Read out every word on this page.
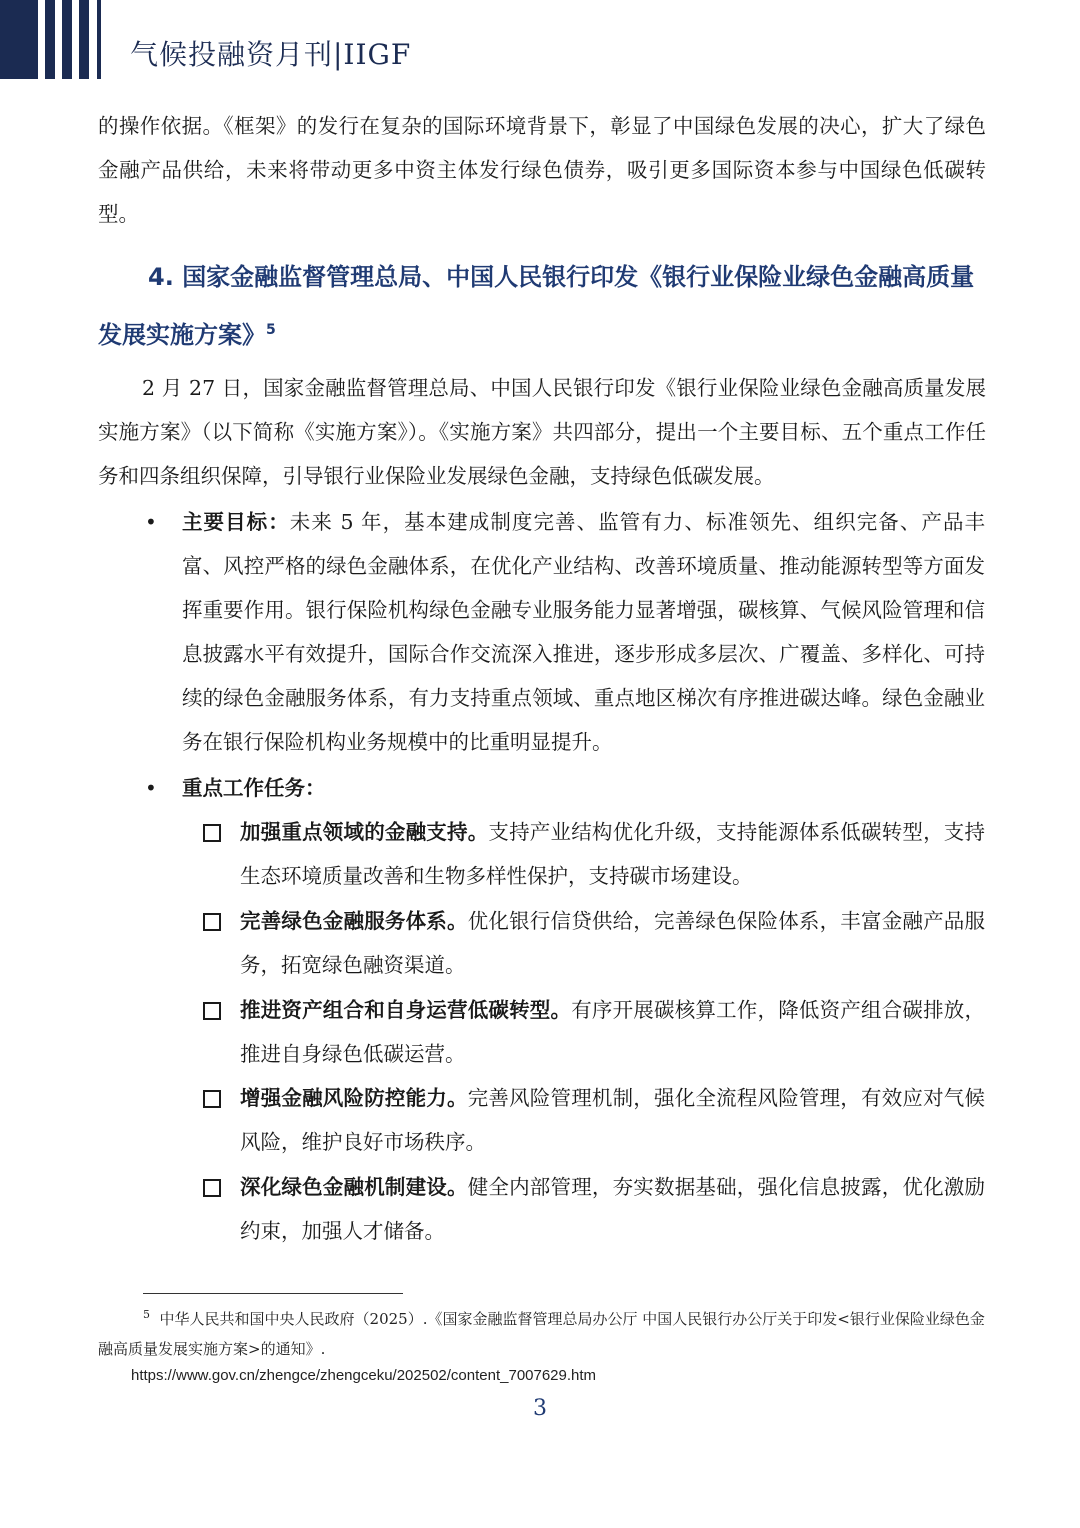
气候投融资月刊|IIGF

的操作依据。《框架》的发行在复杂的国际环境背景下，彰显了中国绿色发展的决心，扩大了绿色金融产品供给，未来将带动更多中资主体发行绿色债券，吸引更多国际资本参与中国绿色低碳转型。

4. 国家金融监督管理总局、中国人民银行印发《银行业保险业绿色金融高质量发展实施方案》$^5$

2 月 27 日，国家金融监督管理总局、中国人民银行印发《银行业保险业绿色金融高质量发展实施方案》（以下简称《实施方案》）。《实施方案》共四部分，提出一个主要目标、五个重点工作任务和四条组织保障，引导银行业保险业发展绿色金融，支持绿色低碳发展。

• 主要目标：未来 5 年，基本建成制度完善、监管有力、标准领先、组织完备、产品丰富、风控严格的绿色金融体系，在优化产业结构、改善环境质量、推动能源转型等方面发挥重要作用。银行保险机构绿色金融专业服务能力显著增强，碳核算、气候风险管理和信息披露水平有效提升，国际合作交流深入推进，逐步形成多层次、广覆盖、多样化、可持续的绿色金融服务体系，有力支持重点领域、重点地区梯次有序推进碳达峰。绿色金融业务在银行保险机构业务规模中的比重明显提升。

• 重点工作任务：

加强重点领域的金融支持。支持产业结构优化升级，支持能源体系低碳转型，支持生态环境质量改善和生物多样性保护，支持碳市场建设。

完善绿色金融服务体系。优化银行信贷供给，完善绿色保险体系，丰富金融产品服务，拓宽绿色融资渠道。

推进资产组合和自身运营低碳转型。有序开展碳核算工作，降低资产组合碳排放，推进自身绿色低碳运营。

增强金融风险防控能力。完善风险管理机制，强化全流程风险管理，有效应对气候风险，维护良好市场秩序。

深化绿色金融机制建设。健全内部管理，夯实数据基础，强化信息披露，优化激励约束，加强人才储备。

$^5$ 中华人民共和国中央人民政府（2025）.《国家金融监督管理总局办公厅 中国人民银行办公厅关于印发<银行业保险业绿色金融高质量发展实施方案>的通知》.

https://www.gov.cn/zhengce/zhengceku/202502/content_7007629.htm

3
